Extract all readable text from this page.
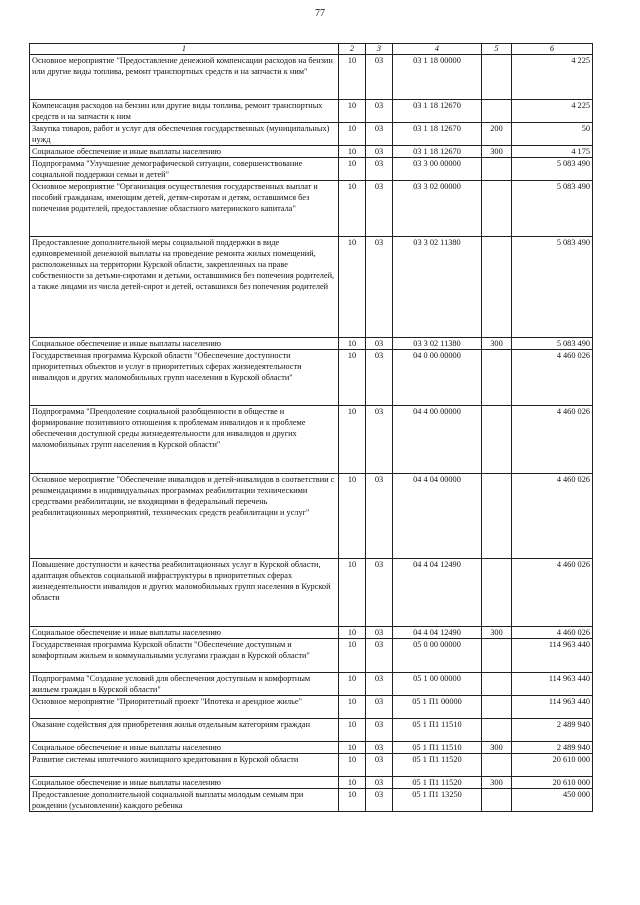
77
1	2	3	4	5	6
Основное мероприятие "Предоставление денежной компенсации расходов на бензин или другие виды топлива, ремонт транспортных средств и на запчасти к ним"	10	03	03 1 18 00000		4 225
Компенсация расходов на бензин или другие виды топлива, ремонт транспортных средств и на запчасти к ним	10	03	03 1 18 12670		4 225
Закупка товаров, работ и услуг для обеспечения государственных (муниципальных) нужд	10	03	03 1 18 12670	200	50
Социальное обеспечение и иные выплаты населению	10	03	03 1 18 12670	300	4 175
Подпрограмма "Улучшение демографической ситуации, совершенствование социальной поддержки семьи и детей"	10	03	03 3 00 00000		5 083 490
Основное мероприятие "Организация осуществления государственных выплат и пособий гражданам, имеющим детей, детям-сиротам и детям, оставшимся без попечения родителей, предоставление областного материнского капитала"	10	03	03 3 02 00000		5 083 490
Предоставление дополнительной меры социальной поддержки в виде единовременной денежной выплаты на проведение ремонта жилых помещений, расположенных на территории Курской области, закрепленных на праве собственности за детьми-сиротами и детьми, оставшимися без попечения родителей, а также лицами из числа детей-сирот и детей, оставшихся без попечения родителей	10	03	03 3 02 11380		5 083 490
Социальное обеспечение и иные выплаты населению	10	03	03 3 02 11380	300	5 083 490
Государственная программа Курской области "Обеспечение доступности приоритетных объектов и услуг в приоритетных сферах жизнедеятельности инвалидов и других маломобильных групп населения в Курской области"	10	03	04 0 00 00000		4 460 026
Подпрограмма "Преодоление социальной разобщенности в обществе и формирование позитивного отношения к проблемам инвалидов и к проблеме обеспечения доступной среды жизнедеятельности для инвалидов и других маломобильных групп населения в Курской области"	10	03	04 4 00 00000		4 460 026
Основное мероприятие "Обеспечение инвалидов и детей-инвалидов в соответствии с рекомендациями в индивидуальных программах реабилитации техническими средствами реабилитации, не входящими в федеральный перечень реабилитационных мероприятий, технических средств реабилитации и услуг"	10	03	04 4 04 00000		4 460 026
Повышение доступности и качества реабилитационных услуг в Курской области, адаптация объектов социальной инфраструктуры в приоритетных сферах жизнедеятельности инвалидов и других маломобильных групп населения в Курской области	10	03	04 4 04 12490		4 460 026
Социальное обеспечение и иные выплаты населению	10	03	04 4 04 12490	300	4 460 026
Государственная программа Курской области "Обеспечение доступным и комфортным жильем и коммунальными услугами граждан в Курской области"	10	03	05 0 00 00000		114 963 440
Подпрограмма "Создание условий для обеспечения доступным и комфортным жильем граждан в Курской области"	10	03	05 1 00 00000		114 963 440
Основное мероприятие "Приоритетный проект "Ипотека и арендное жилье"	10	03	05 1 П1 00000		114 963 440
Оказание содействия для приобретения жилья отдельным категориям граждан	10	03	05 1 П1 11510		2 489 940
Социальное обеспечение и иные выплаты населению	10	03	05 1 П1 11510	300	2 489 940
Развитие системы ипотечного жилищного кредитования в Курской области	10	03	05 1 П1 11520		20 610 000
Социальное обеспечение и иные выплаты населению	10	03	05 1 П1 11520	300	20 610 000
Предоставление дополнительной социальной выплаты молодым семьям при рождении (усыновлении) каждого ребенка	10	03	05 1 П1 13250		450 000
